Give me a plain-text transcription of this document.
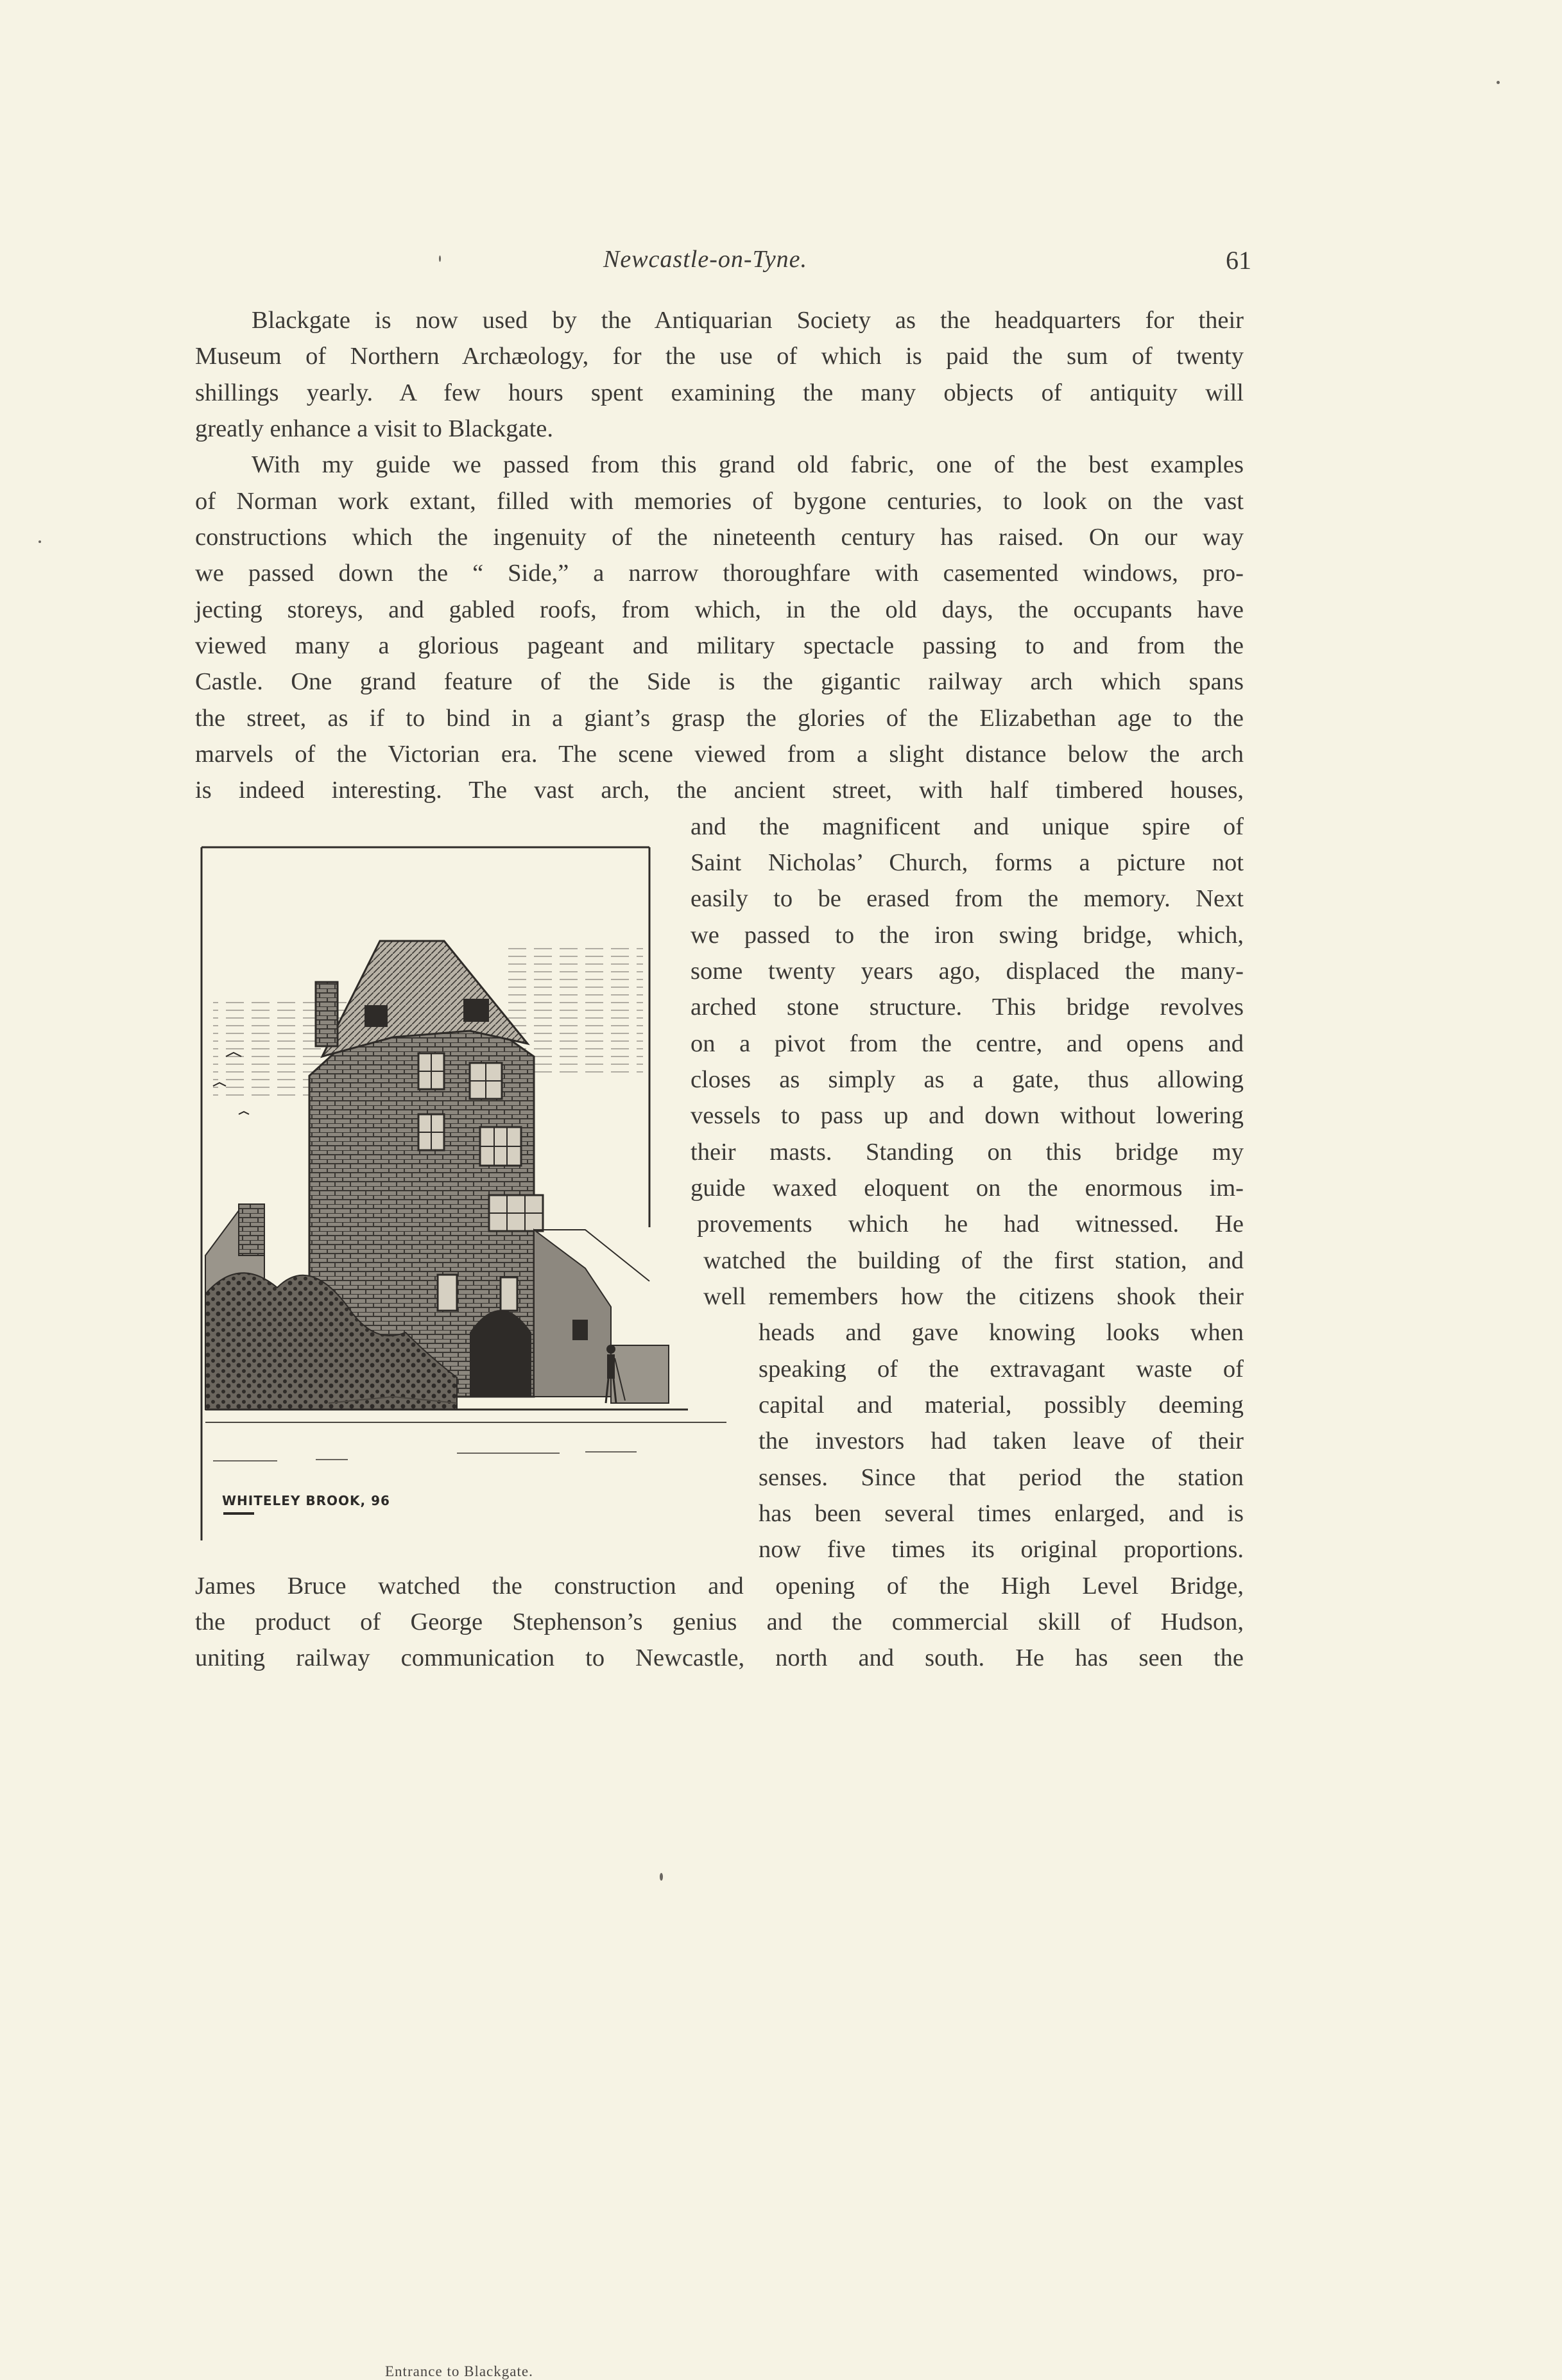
Newcastle-on-Tyne.	61
Blackgate is now used by the Antiquarian Society as the headquarters for their
Museum of Northern Archæology, for the use of which is paid the sum of twenty
shillings yearly. A few hours spent examining the many objects of antiquity will
greatly enhance a visit to Blackgate.
With my guide we passed from this grand old fabric, one of the best examples
of Norman work extant, filled with memories of bygone centuries, to look on the vast
constructions which the ingenuity of the nineteenth century has raised. On our way
we passed down the “ Side,” a narrow thoroughfare with casemented windows, pro-
jecting storeys, and gabled roofs, from which, in the old days, the occupants have
viewed many a glorious pageant and military spectacle passing to and from the
Castle. One grand feature of the Side is the gigantic railway arch which spans
the street, as if to bind in a giant’s grasp the glories of the Elizabethan age to the
marvels of the Victorian era. The scene viewed from a slight distance below the arch
is indeed interesting. The vast arch, the ancient street, with half timbered houses,
and the magnificent and unique spire of
Saint Nicholas’ Church, forms a picture not
easily to be erased from the memory. Next
we passed to the iron swing bridge, which,
some twenty years ago, displaced the many-
arched stone structure. This bridge revolves
on a pivot from the centre, and opens and
closes as simply as a gate, thus allowing
vessels to pass up and down without lowering
their masts. Standing on this bridge my
guide waxed eloquent on the enormous im-
provements which he had witnessed. He
watched the building of the first station, and
well remembers how the citizens shook their
heads and gave knowing looks when
speaking of the extravagant waste of
capital and material, possibly deeming
the investors had taken leave of their
senses. Since that period the station
has been several times enlarged, and is
now five times its original proportions.
James Bruce watched the construction and opening of the High Level Bridge,
the product of George Stephenson’s genius and the commercial skill of Hudson,
uniting railway communication to Newcastle, north and south. He has seen the
WHITELEY BROOK, 96
Entrance to Blackgate.
